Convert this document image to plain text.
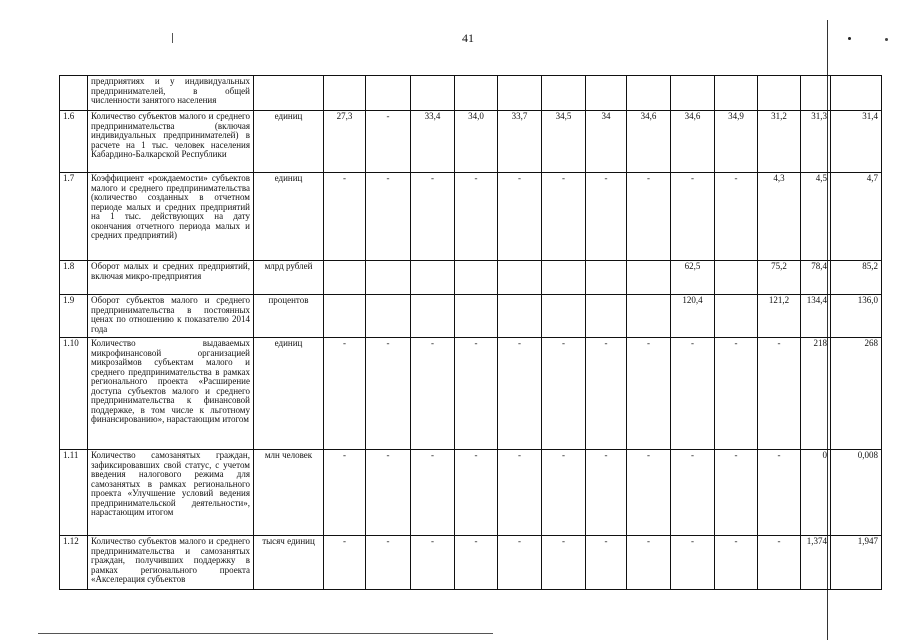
41
	предприятиях и у индивидуальных предпринимателей, в общей численности занятого населения														
1.6	Количество субъектов малого и среднего предпринимательства (включая индивидуальных предпринимателей) в расчете на 1 тыс. человек населения Кабардино-Балкарской Республики	единиц	27,3	-	33,4	34,0	33,7	34,5	34	34,6	34,6	34,9	31,2	31,3	31,4
1.7	Коэффициент «рождаемости» субъектов малого и среднего предпринимательства (количество созданных в отчетном периоде малых и средних предприятий на 1 тыс. действующих на дату окончания отчетного периода малых и средних предприятий)	единиц	-	-	-	-	-	-	-	-	-	-	4,3	4,5	4,7
1.8	Оборот малых и средних предприятий, включая микро-предприятия	млрд рублей									62,5		75,2	78,4	85,2
1.9	Оборот субъектов малого и среднего предпринимательства в постоянных ценах по отношению к показателю 2014 года	процентов									120,4		121,2	134,4	136,0
1.10	Количество выдаваемых микрофинансовой организацией микрозаймов субъектам малого и среднего предпринимательства в рамках регионального проекта «Расширение доступа субъектов малого и среднего предпринимательства к финансовой поддержке, в том числе к льготному финансированию», нарастающим итогом	единиц	-	-	-	-	-	-	-	-	-	-	-	218	268
1.11	Количество самозанятых граждан, зафиксировавших свой статус, с учетом введения налогового режима для самозанятых в рамках регионального проекта «Улучшение условий ведения предпринимательской деятельности», нарастающим итогом	млн человек	-	-	-	-	-	-	-	-	-	-	-	0	0,008
1.12	Количество субъектов малого и среднего предпринимательства и самозанятых граждан, получивших поддержку в рамках регионального проекта «Акселерация субъектов	тысяч единиц	-	-	-	-	-	-	-	-	-	-	-	1,374	1,947
